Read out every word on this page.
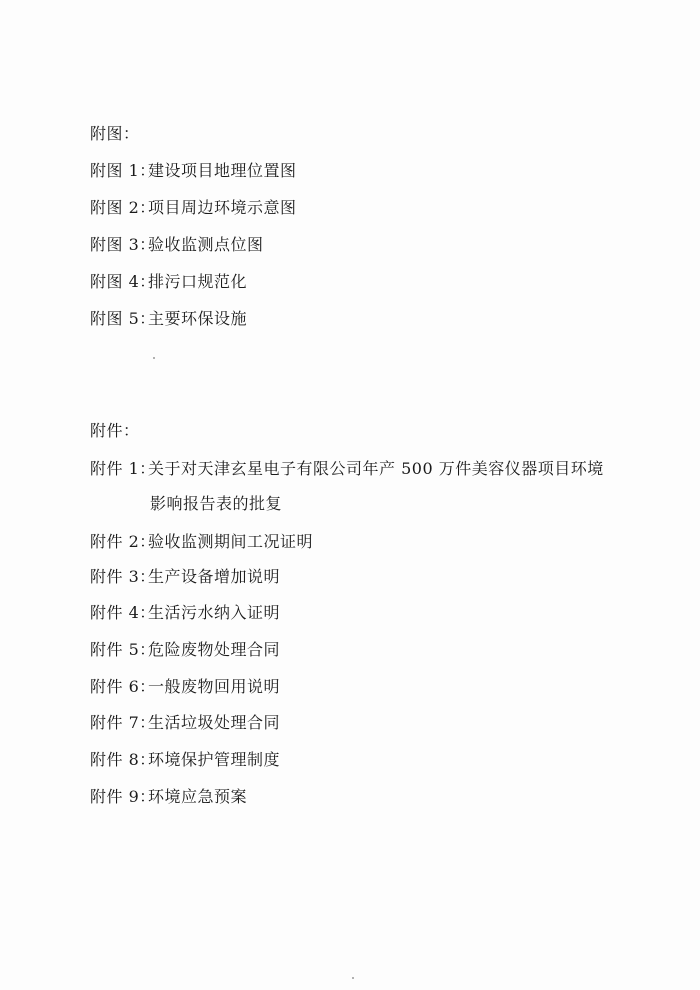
附图：
附图 1：建设项目地理位置图
附图 2：项目周边环境示意图
附图 3：验收监测点位图
附图 4：排污口规范化
附图 5：主要环保设施
附件：
附件 1：关于对天津玄星电子有限公司年产 500 万件美容仪器项目环境
影响报告表的批复
附件 2：验收监测期间工况证明
附件 3：生产设备增加说明
附件 4：生活污水纳入证明
附件 5：危险废物处理合同
附件 6：一般废物回用说明
附件 7：生活垃圾处理合同
附件 8：环境保护管理制度
附件 9：环境应急预案
